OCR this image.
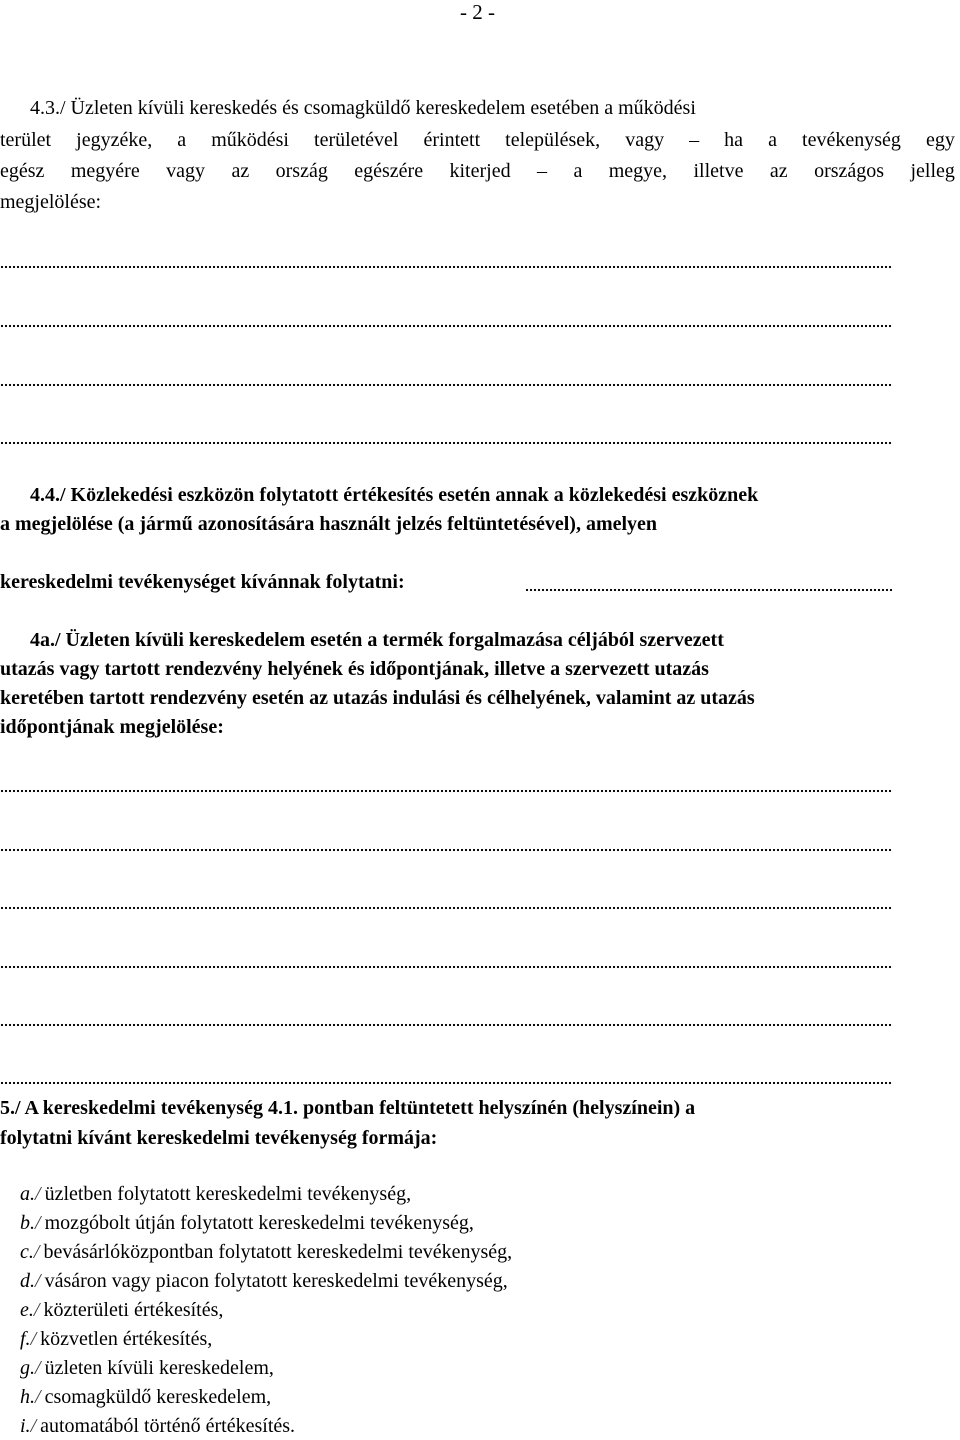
- 2 -
4.3./ Üzleten kívüli kereskedés és csomagküldő kereskedelem esetében a működési
terület jegyzéke, a működési területével érintett települések, vagy – ha a tevékenység egy
egész megyére vagy az ország egészére kiterjed – a megye, illetve az országos jelleg
megjelölése:
4.4./ Közlekedési eszközön folytatott értékesítés esetén annak a közlekedési eszköznek
a megjelölése (a jármű azonosítására használt jelzés feltüntetésével), amelyen
kereskedelmi tevékenységet kívánnak folytatni:
4a./ Üzleten kívüli kereskedelem esetén a termék forgalmazása céljából szervezett
utazás vagy tartott rendezvény helyének és időpontjának, illetve a szervezett utazás
keretében tartott rendezvény esetén az utazás indulási és célhelyének, valamint az utazás
időpontjának megjelölése:
5./ A kereskedelmi tevékenység 4.1. pontban feltüntetett helyszínén (helyszínein) a
folytatni kívánt kereskedelmi tevékenység formája:
a./ üzletben folytatott kereskedelmi tevékenység,
b./ mozgóbolt útján folytatott kereskedelmi tevékenység,
c./ bevásárlóközpontban folytatott kereskedelmi tevékenység,
d./ vásáron vagy piacon folytatott kereskedelmi tevékenység,
e./ közterületi értékesítés,
f./ közvetlen értékesítés,
g./ üzleten kívüli kereskedelem,
h./ csomagküldő kereskedelem,
i./ automatából történő értékesítés.
